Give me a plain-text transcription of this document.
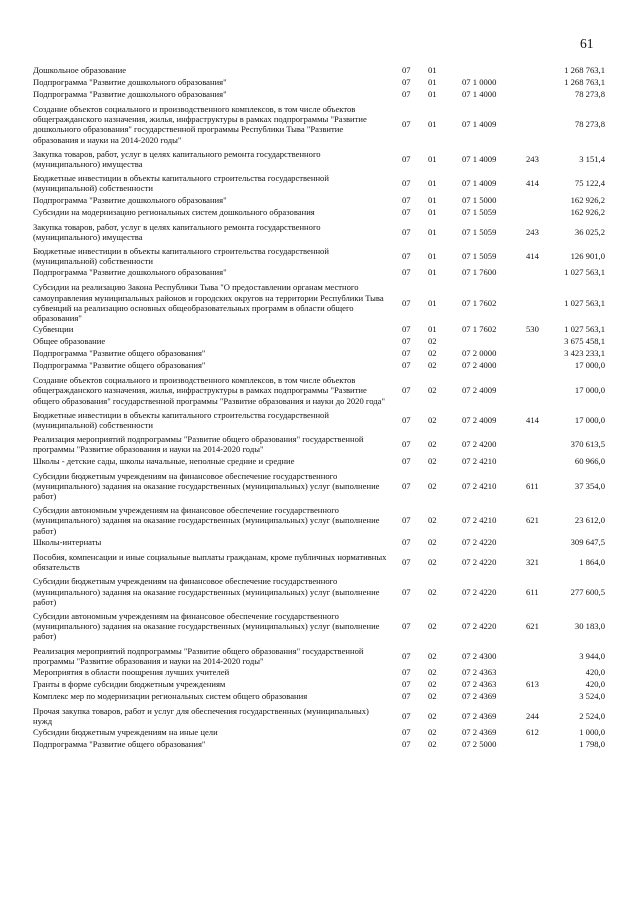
61
Дошкольное образование	07	01			1 268 763,1
Подпрограмма "Развитие дошкольного образования"	07	01	07 1 0000		1 268 763,1
Подпрограмма "Развитие дошкольного образования"	07	01	07 1 4000		78 273,8
Создание объектов социального и производственного комплексов, в том числе объектов общегражданского назначения, жилья, инфраструктуры в рамках подпрограммы "Развитие дошкольного образования" государственной программы Республики Тыва "Развитие образования и науки на 2014-2020 годы"	07	01	07 1 4009		78 273,8
Закупка товаров, работ, услуг в целях капитального ремонта государственного (муниципального) имущества	07	01	07 1 4009	243	3 151,4
Бюджетные инвестиции в объекты капитального строительства государственной (муниципальной) собственности	07	01	07 1 4009	414	75 122,4
Подпрограмма "Развитие дошкольного образования"	07	01	07 1 5000		162 926,2
Субсидии на модернизацию региональных систем дошкольного образования	07	01	07 1 5059		162 926,2
Закупка товаров, работ, услуг в целях капитального ремонта государственного (муниципального) имущества	07	01	07 1 5059	243	36 025,2
Бюджетные инвестиции в объекты капитального строительства государственной (муниципальной) собственности	07	01	07 1 5059	414	126 901,0
Подпрограмма "Развитие дошкольного образования"	07	01	07 1 7600		1 027 563,1
Субсидии на реализацию Закона Республики Тыва "О предоставлении органам местного самоуправления муниципальных районов и городских округов на территории Республики Тыва субвенций на реализацию основных общеобразовательных программ в области общего образования"	07	01	07 1 7602		1 027 563,1
Субвенции	07	01	07 1 7602	530	1 027 563,1
Общее образование	07	02			3 675 458,1
Подпрограмма "Развитие общего образования"	07	02	07 2 0000		3 423 233,1
Подпрограмма "Развитие общего образования"	07	02	07 2 4000		17 000,0
Создание объектов социального и производственного комплексов, в том числе объектов общегражданского назначения, жилья, инфраструктуры в рамках подпрограммы "Развитие общего образования" государственной программы "Развитие образования и науки до 2020 года"	07	02	07 2 4009		17 000,0
Бюджетные инвестиции в объекты капитального строительства государственной (муниципальной) собственности	07	02	07 2 4009	414	17 000,0
Реализация мероприятий подпрограммы "Развитие общего образования" государственной программы "Развитие образования и науки на 2014-2020 годы"	07	02	07 2 4200		370 613,5
Школы - детские сады, школы начальные, неполные средние и средние	07	02	07 2 4210		60 966,0
Субсидии бюджетным учреждениям на финансовое обеспечение государственного (муниципального) задания на оказание государственных (муниципальных) услуг (выполнение работ)	07	02	07 2 4210	611	37 354,0
Субсидии автономным учреждениям на финансовое обеспечение государственного (муниципального) задания на оказание государственных (муниципальных) услуг (выполнение работ)	07	02	07 2 4210	621	23 612,0
Школы-интернаты	07	02	07 2 4220		309 647,5
Пособия, компенсации и иные социальные выплаты гражданам, кроме публичных нормативных обязательств	07	02	07 2 4220	321	1 864,0
Субсидии бюджетным учреждениям на финансовое обеспечение государственного (муниципального) задания на оказание государственных (муниципальных) услуг (выполнение работ)	07	02	07 2 4220	611	277 600,5
Субсидии автономным учреждениям на финансовое обеспечение государственного (муниципального) задания на оказание государственных (муниципальных) услуг (выполнение работ)	07	02	07 2 4220	621	30 183,0
Реализация мероприятий подпрограммы "Развитие общего образования" государственной программы "Развитие образования и науки на 2014-2020 годы"	07	02	07 2 4300		3 944,0
Мероприятия в области поощрения лучших учителей	07	02	07 2 4363		420,0
Гранты в форме субсидии бюджетным учреждениям	07	02	07 2 4363	613	420,0
Комплекс мер по модернизации региональных систем общего образования	07	02	07 2 4369		3 524,0
Прочая закупка товаров, работ и услуг для обеспечения государственных (муниципальных) нужд	07	02	07 2 4369	244	2 524,0
Субсидии бюджетным учреждениям на иные цели	07	02	07 2 4369	612	1 000,0
Подпрограмма "Развитие общего образования"	07	02	07 2 5000		1 798,0
